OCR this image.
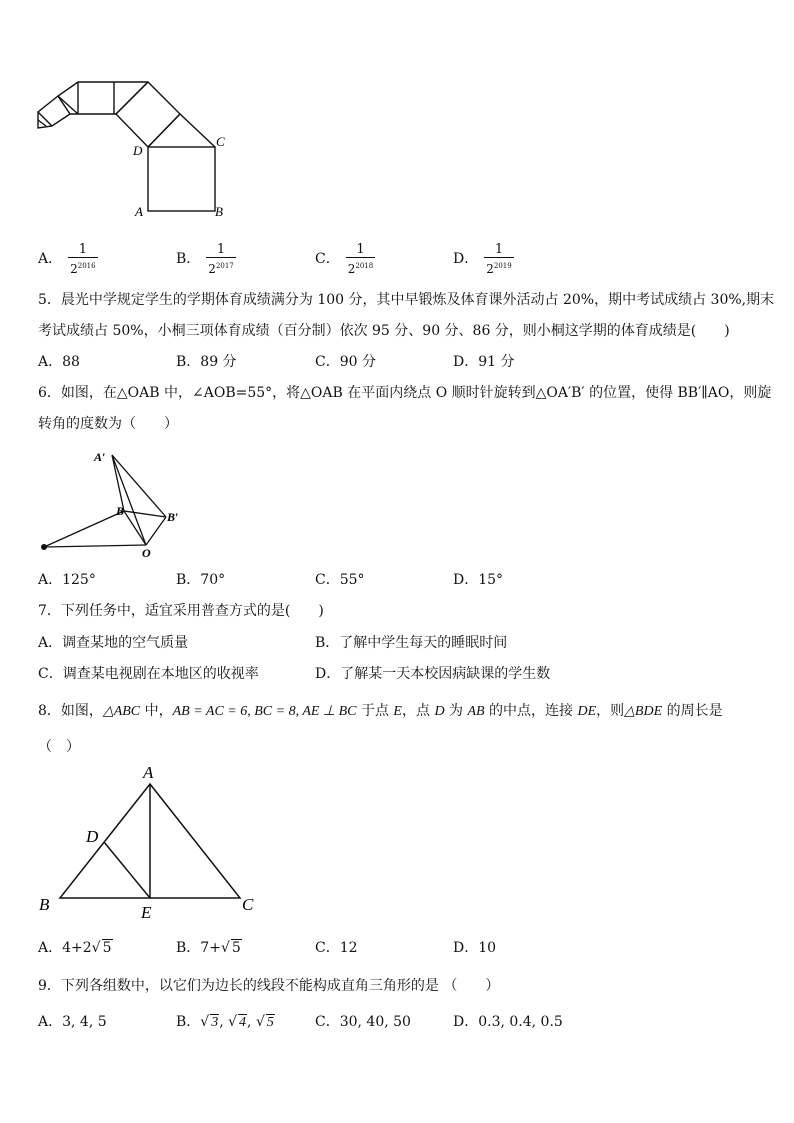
D
C
A	B
A． $\frac{1}{2^{2016}}$	B． $\frac{1}{2^{2017}}$	C． $\frac{1}{2^{2018}}$	D． $\frac{1}{2^{2019}}$
5．晨光中学规定学生的学期体育成绩满分为 100 分，其中早锻炼及体育课外活动占 20%，期中考试成绩占 30%,期末
考试成绩占 50%，小桐三项体育成绩（百分制）依次 95 分、90 分、86 分，则小桐这学期的体育成绩是(　　)
A．88	B．89 分	C．90 分	D．91 分
6．如图，在△OAB 中，∠AOB=55°，将△OAB 在平面内绕点 O 顺时针旋转到△OA′B′ 的位置，使得 BB′∥AO，则旋
转角的度数为（　　）
A′
B	B′
O
A．125°	B．70°	C．55°	D．15°
7．下列任务中，适宜采用普查方式的是(　　)
A．调查某地的空气质量	B．了解中学生每天的睡眠时间
C．调查某电视剧在本地区的收视率	D．了解某一天本校因病缺课的学生数
8．如图，△ABC 中，AB = AC = 6, BC = 8, AE ⊥ BC 于点 E，点 D 为 AB 的中点，连接 DE，则△BDE 的周长是
（　）
A
D
B	E	C
A．4+2√ 5	B．7+√ 5	C．12	D．10
9．下列各组数中，以它们为边长的线段不能构成直角三角形的是 （　　）
A．3, 4, 5	B．√ 3, √ 4, √ 5	C．30, 40, 50	D．0.3, 0.4, 0.5
